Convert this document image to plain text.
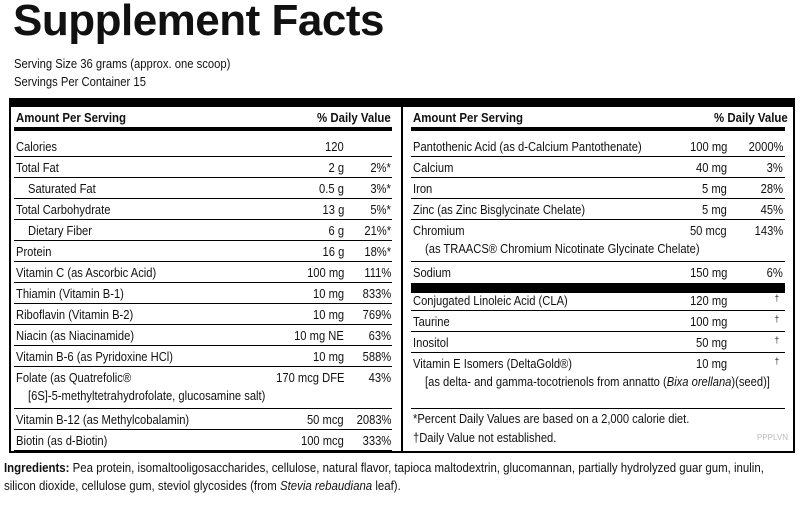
Supplement Facts
Serving Size 36 grams (approx. one scoop)
Servings Per Container 15
Amount Per Serving	% Daily Value
Calories	120
Total Fat	2 g 2%*
Saturated Fat	0.5 g 3%*
Total Carbohydrate	13 g 5%*
Dietary Fiber	6 g 21%*
Protein	16 g 18%*
Vitamin C (as Ascorbic Acid)	100 mg 111%
Thiamin (Vitamin B-1)	10 mg 833%
Riboflavin (Vitamin B-2)	10 mg 769%
Niacin (as Niacinamide)	10 mg NE 63%
Vitamin B-6 (as Pyridoxine HCl)	10 mg 588%
Folate (as Quatrefolic®	170 mcg DFE 43%
[6S]-5-methyltetrahydrofolate, glucosamine salt)
Vitamin B-12 (as Methylcobalamin)	50 mcg 2083%
Biotin (as d-Biotin)	100 mcg 333%
Amount Per Serving	% Daily Value
Pantothenic Acid (as d-Calcium Pantothenate)	100 mg 2000%
Calcium	40 mg	3%
Iron	5 mg	28%
Zinc (as Zinc Bisglycinate Chelate)	5 mg	45%
Chromium	50 mcg 143%
(as TRAACS® Chromium Nicotinate Glycinate Chelate)
Sodium	150 mg	6%
Conjugated Linoleic Acid (CLA)	120 mg	†
Taurine	100 mg	†
Inositol	50 mg	†
Vitamin E Isomers (DeltaGold®)	10 mg	†
[as delta- and gamma-tocotrienols from annatto (Bixa orellana)(seed)]
*Percent Daily Values are based on a 2,000 calorie diet.
†Daily Value not established.	PPPLVN
Ingredients: Pea protein, isomaltooligosaccharides, cellulose, natural flavor, tapioca maltodextrin, glucomannan, partially hydrolyzed guar gum, inulin, silicon dioxide, cellulose gum, steviol glycosides (from Stevia rebaudiana leaf).
